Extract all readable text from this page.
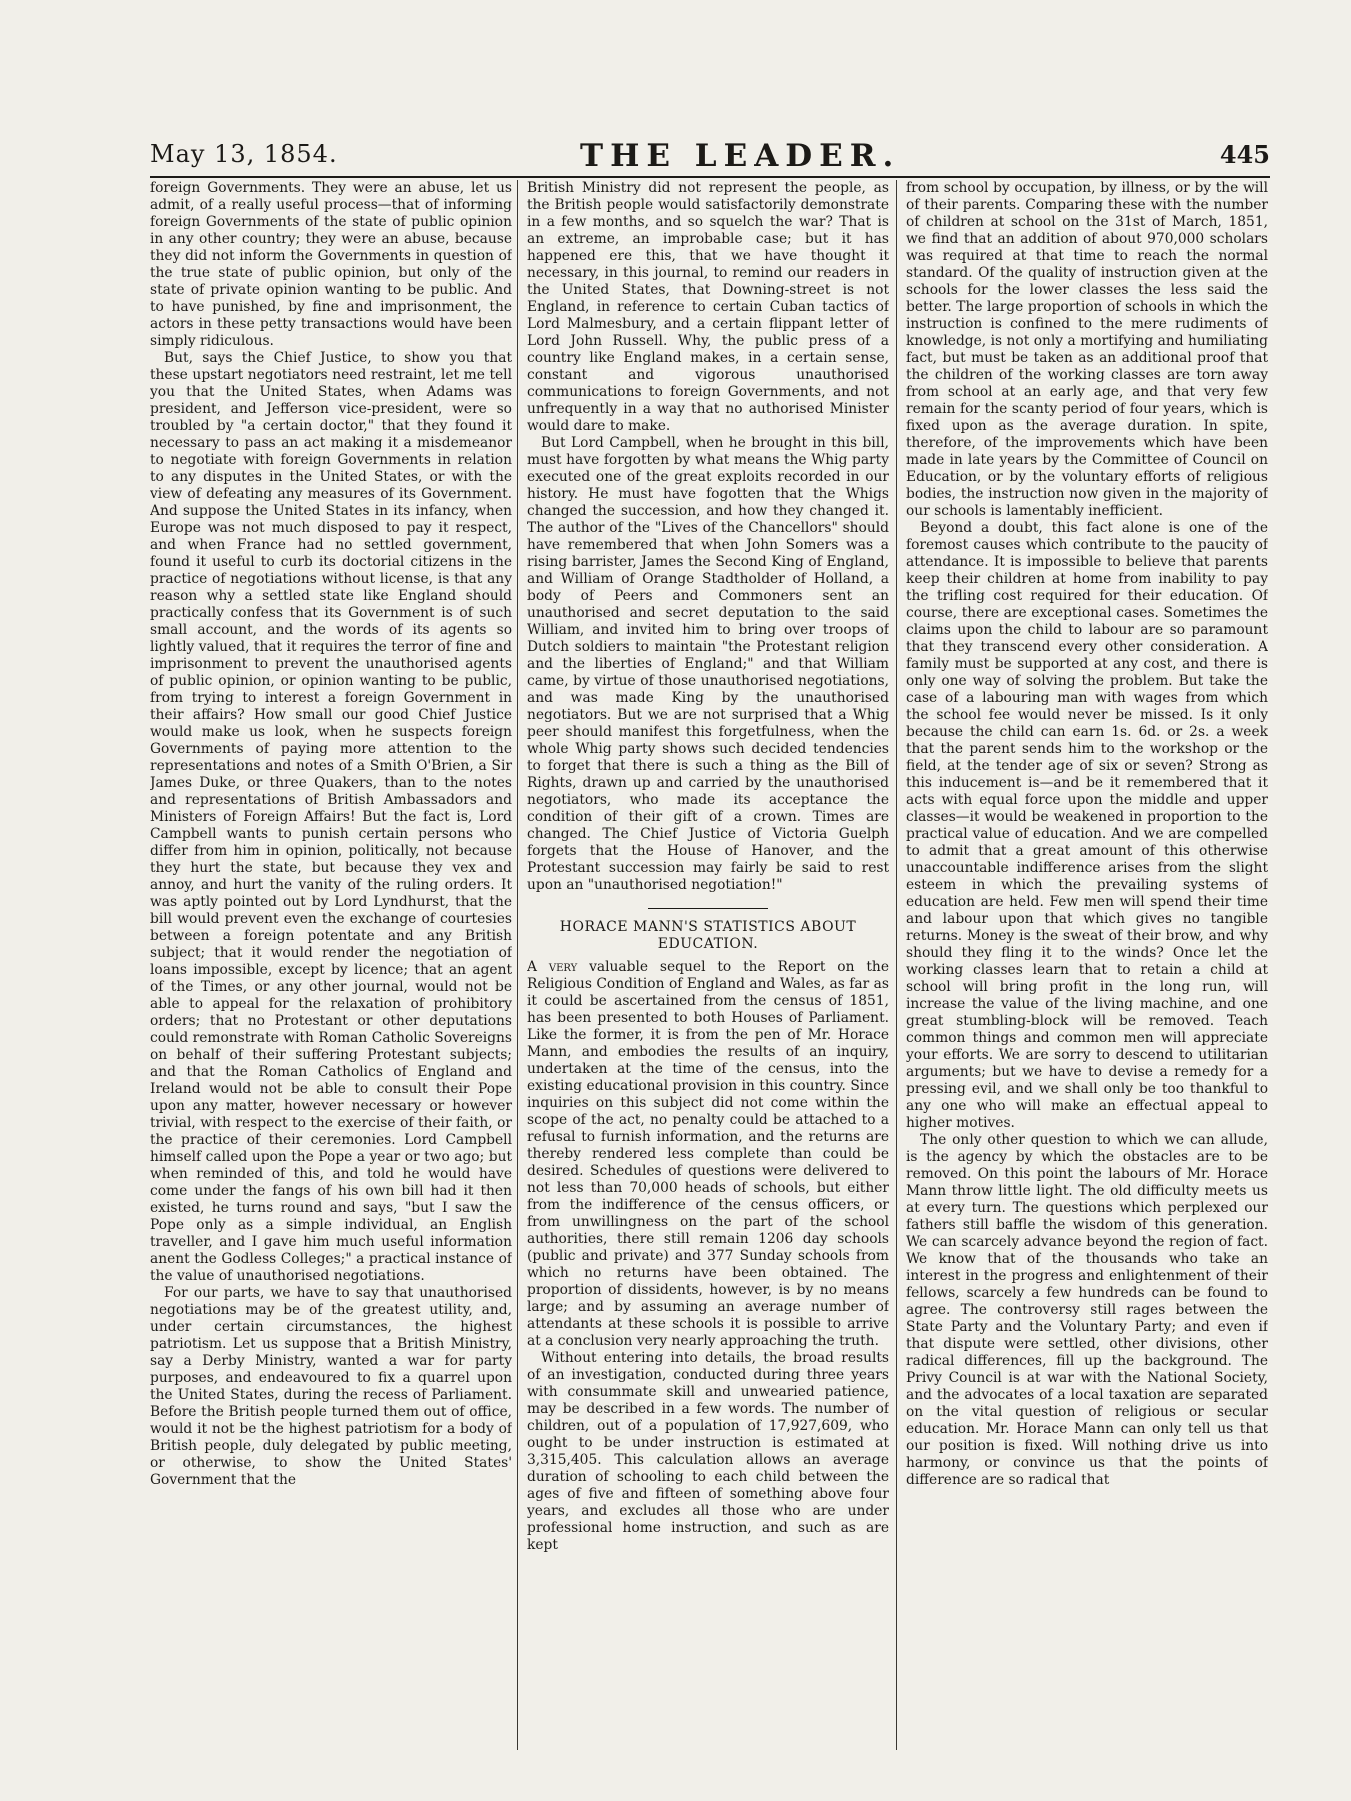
May 13, 1854.	THE LEADER.	445

foreign Governments. They were an abuse, let us admit, of a really useful process—that of informing foreign Governments of the state of public opinion in any other country; they were an abuse, because they did not inform the Governments in question of the true state of public opinion, but only of the state of private opinion wanting to be public. And to have punished, by fine and imprisonment, the actors in these petty transactions would have been simply ridiculous.

But, says the Chief Justice, to show you that these upstart negotiators need restraint, let me tell you that the United States, when Adams was president, and Jefferson vice-president, were so troubled by "a certain doctor," that they found it necessary to pass an act making it a misdemeanor to negotiate with foreign Governments in relation to any disputes in the United States, or with the view of defeating any measures of its Government. And suppose the United States in its infancy, when Europe was not much disposed to pay it respect, and when France had no settled government, found it useful to curb its doctorial citizens in the practice of negotiations without license, is that any reason why a settled state like England should practically confess that its Government is of such small account, and the words of its agents so lightly valued, that it requires the terror of fine and imprisonment to prevent the unauthorised agents of public opinion, or opinion wanting to be public, from trying to interest a foreign Government in their affairs? How small our good Chief Justice would make us look, when he suspects foreign Governments of paying more attention to the representations and notes of a Smith O'Brien, a Sir James Duke, or three Quakers, than to the notes and representations of British Ambassadors and Ministers of Foreign Affairs! But the fact is, Lord Campbell wants to punish certain persons who differ from him in opinion, politically, not because they hurt the state, but because they vex and annoy, and hurt the vanity of the ruling orders. It was aptly pointed out by Lord Lyndhurst, that the bill would prevent even the exchange of courtesies between a foreign potentate and any British subject; that it would render the negotiation of loans impossible, except by licence; that an agent of the Times, or any other journal, would not be able to appeal for the relaxation of prohibitory orders; that no Protestant or other deputations could remonstrate with Roman Catholic Sovereigns on behalf of their suffering Protestant subjects; and that the Roman Catholics of England and Ireland would not be able to consult their Pope upon any matter, however necessary or however trivial, with respect to the exercise of their faith, or the practice of their ceremonies. Lord Campbell himself called upon the Pope a year or two ago; but when reminded of this, and told he would have come under the fangs of his own bill had it then existed, he turns round and says, "but I saw the Pope only as a simple individual, an English traveller, and I gave him much useful information anent the Godless Colleges;" a practical instance of the value of unauthorised negotiations.

For our parts, we have to say that unauthorised negotiations may be of the greatest utility, and, under certain circumstances, the highest patriotism. Let us suppose that a British Ministry, say a Derby Ministry, wanted a war for party purposes, and endeavoured to fix a quarrel upon the United States, during the recess of Parliament. Before the British people turned them out of office, would it not be the highest patriotism for a body of British people, duly delegated by public meeting, or otherwise, to show the United States' Government that the

British Ministry did not represent the people, as the British people would satisfactorily demonstrate in a few months, and so squelch the war? That is an extreme, an improbable case; but it has happened ere this, that we have thought it necessary, in this journal, to remind our readers in the United States, that Downing-street is not England, in reference to certain Cuban tactics of Lord Malmesbury, and a certain flippant letter of Lord John Russell. Why, the public press of a country like England makes, in a certain sense, constant and vigorous unauthorised communications to foreign Governments, and not unfrequently in a way that no authorised Minister would dare to make.

But Lord Campbell, when he brought in this bill, must have forgotten by what means the Whig party executed one of the great exploits recorded in our history. He must have fogotten that the Whigs changed the succession, and how they changed it. The author of the "Lives of the Chancellors" should have remembered that when John Somers was a rising barrister, James the Second King of England, and William of Orange Stadtholder of Holland, a body of Peers and Commoners sent an unauthorised and secret deputation to the said William, and invited him to bring over troops of Dutch soldiers to maintain "the Protestant religion and the liberties of England;" and that William came, by virtue of those unauthorised negotiations, and was made King by the unauthorised negotiators. But we are not surprised that a Whig peer should manifest this forgetfulness, when the whole Whig party shows such decided tendencies to forget that there is such a thing as the Bill of Rights, drawn up and carried by the unauthorised negotiators, who made its acceptance the condition of their gift of a crown. Times are changed. The Chief Justice of Victoria Guelph forgets that the House of Hanover, and the Protestant succession may fairly be said to rest upon an "unauthorised negotiation!"

HORACE MANN'S STATISTICS ABOUT EDUCATION.

A very valuable sequel to the Report on the Religious Condition of England and Wales, as far as it could be ascertained from the census of 1851, has been presented to both Houses of Parliament. Like the former, it is from the pen of Mr. Horace Mann, and embodies the results of an inquiry, undertaken at the time of the census, into the existing educational provision in this country. Since inquiries on this subject did not come within the scope of the act, no penalty could be attached to a refusal to furnish information, and the returns are thereby rendered less complete than could be desired. Schedules of questions were delivered to not less than 70,000 heads of schools, but either from the indifference of the census officers, or from unwillingness on the part of the school authorities, there still remain 1206 day schools (public and private) and 377 Sunday schools from which no returns have been obtained. The proportion of dissidents, however, is by no means large; and by assuming an average number of attendants at these schools it is possible to arrive at a conclusion very nearly approaching the truth.

Without entering into details, the broad results of an investigation, conducted during three years with consummate skill and unwearied patience, may be described in a few words. The number of children, out of a population of 17,927,609, who ought to be under instruction is estimated at 3,315,405. This calculation allows an average duration of schooling to each child between the ages of five and fifteen of something above four years, and excludes all those who are under professional home instruction, and such as are kept

from school by occupation, by illness, or by the will of their parents. Comparing these with the number of children at school on the 31st of March, 1851, we find that an addition of about 970,000 scholars was required at that time to reach the normal standard. Of the quality of instruction given at the schools for the lower classes the less said the better. The large proportion of schools in which the instruction is confined to the mere rudiments of knowledge, is not only a mortifying and humiliating fact, but must be taken as an additional proof that the children of the working classes are torn away from school at an early age, and that very few remain for the scanty period of four years, which is fixed upon as the average duration. In spite, therefore, of the improvements which have been made in late years by the Committee of Council on Education, or by the voluntary efforts of religious bodies, the instruction now given in the majority of our schools is lamentably inefficient.

Beyond a doubt, this fact alone is one of the foremost causes which contribute to the paucity of attendance. It is impossible to believe that parents keep their children at home from inability to pay the trifling cost required for their education. Of course, there are exceptional cases. Sometimes the claims upon the child to labour are so paramount that they transcend every other consideration. A family must be supported at any cost, and there is only one way of solving the problem. But take the case of a labouring man with wages from which the school fee would never be missed. Is it only because the child can earn 1s. 6d. or 2s. a week that the parent sends him to the workshop or the field, at the tender age of six or seven? Strong as this inducement is—and be it remembered that it acts with equal force upon the middle and upper classes—it would be weakened in proportion to the practical value of education. And we are compelled to admit that a great amount of this otherwise unaccountable indifference arises from the slight esteem in which the prevailing systems of education are held. Few men will spend their time and labour upon that which gives no tangible returns. Money is the sweat of their brow, and why should they fling it to the winds? Once let the working classes learn that to retain a child at school will bring profit in the long run, will increase the value of the living machine, and one great stumbling-block will be removed. Teach common things and common men will appreciate your efforts. We are sorry to descend to utilitarian arguments; but we have to devise a remedy for a pressing evil, and we shall only be too thankful to any one who will make an effectual appeal to higher motives.

The only other question to which we can allude, is the agency by which the obstacles are to be removed. On this point the labours of Mr. Horace Mann throw little light. The old difficulty meets us at every turn. The questions which perplexed our fathers still baffle the wisdom of this generation. We can scarcely advance beyond the region of fact. We know that of the thousands who take an interest in the progress and enlightenment of their fellows, scarcely a few hundreds can be found to agree. The controversy still rages between the State Party and the Voluntary Party; and even if that dispute were settled, other divisions, other radical differences, fill up the background. The Privy Council is at war with the National Society, and the advocates of a local taxation are separated on the vital question of religious or secular education. Mr. Horace Mann can only tell us that our position is fixed. Will nothing drive us into harmony, or convince us that the points of difference are so radical that
